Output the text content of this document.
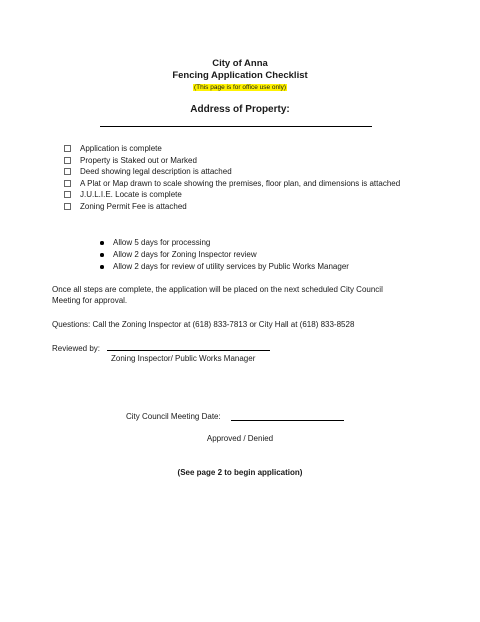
City of Anna
Fencing Application Checklist
(This page is for office use only)
Address of Property:
Application is complete
Property is Staked out or Marked
Deed showing legal description is attached
A Plat or Map drawn to scale showing the premises, floor plan, and dimensions is attached
J.U.L.I.E. Locate is complete
Zoning Permit Fee is attached
Allow 5 days for processing
Allow 2 days for Zoning Inspector review
Allow 2 days for review of utility services by Public Works Manager
Once all steps are complete, the application will be placed on the next scheduled City Council Meeting for approval.
Questions: Call the Zoning Inspector at (618) 833-7813 or City Hall at (618) 833-8528
Reviewed by:
Zoning Inspector/ Public Works Manager
City Council Meeting Date:
Approved / Denied
(See page 2 to begin application)
